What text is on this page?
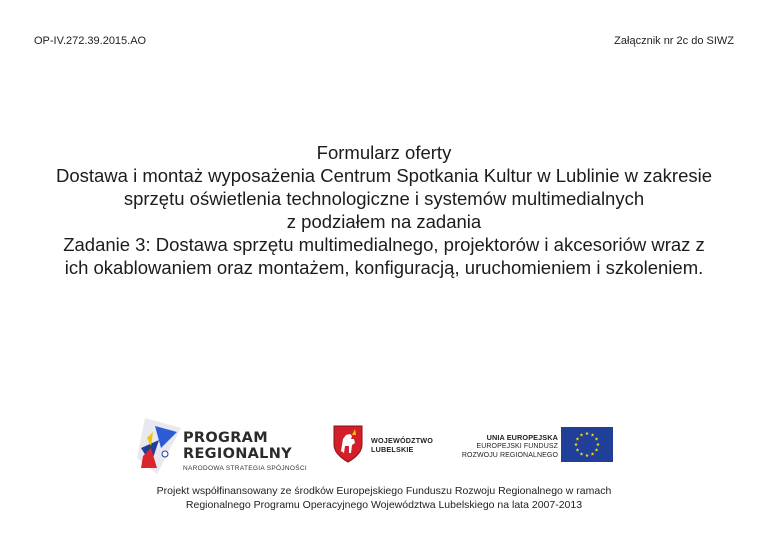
OP-IV.272.39.2015.AO	Załącznik nr 2c do SIWZ
Formularz oferty
Dostawa i montaż wyposażenia Centrum Spotkania Kultur w Lublinie w zakresie
sprzętu oświetlenia technologiczne i systemów multimedialnych
z podziałem na zadania
Zadanie 3: Dostawa sprzętu multimedialnego, projektorów i akcesoriów wraz z
ich okablowaniem oraz montażem, konfiguracją, uruchomieniem i szkoleniem.
PROGRAM
REGIONALNY
NARODOWA STRATEGIA SPÓJNOŚCI
WOJEWÓDZTWO
LUBELSKIE
UNIA EUROPEJSKA
EUROPEJSKI FUNDUSZ
ROZWOJU REGIONALNEGO
Projekt współfinansowany ze środków Europejskiego Funduszu Rozwoju Regionalnego w ramach
Regionalnego Programu Operacyjnego Województwa Lubelskiego na lata 2007-2013
